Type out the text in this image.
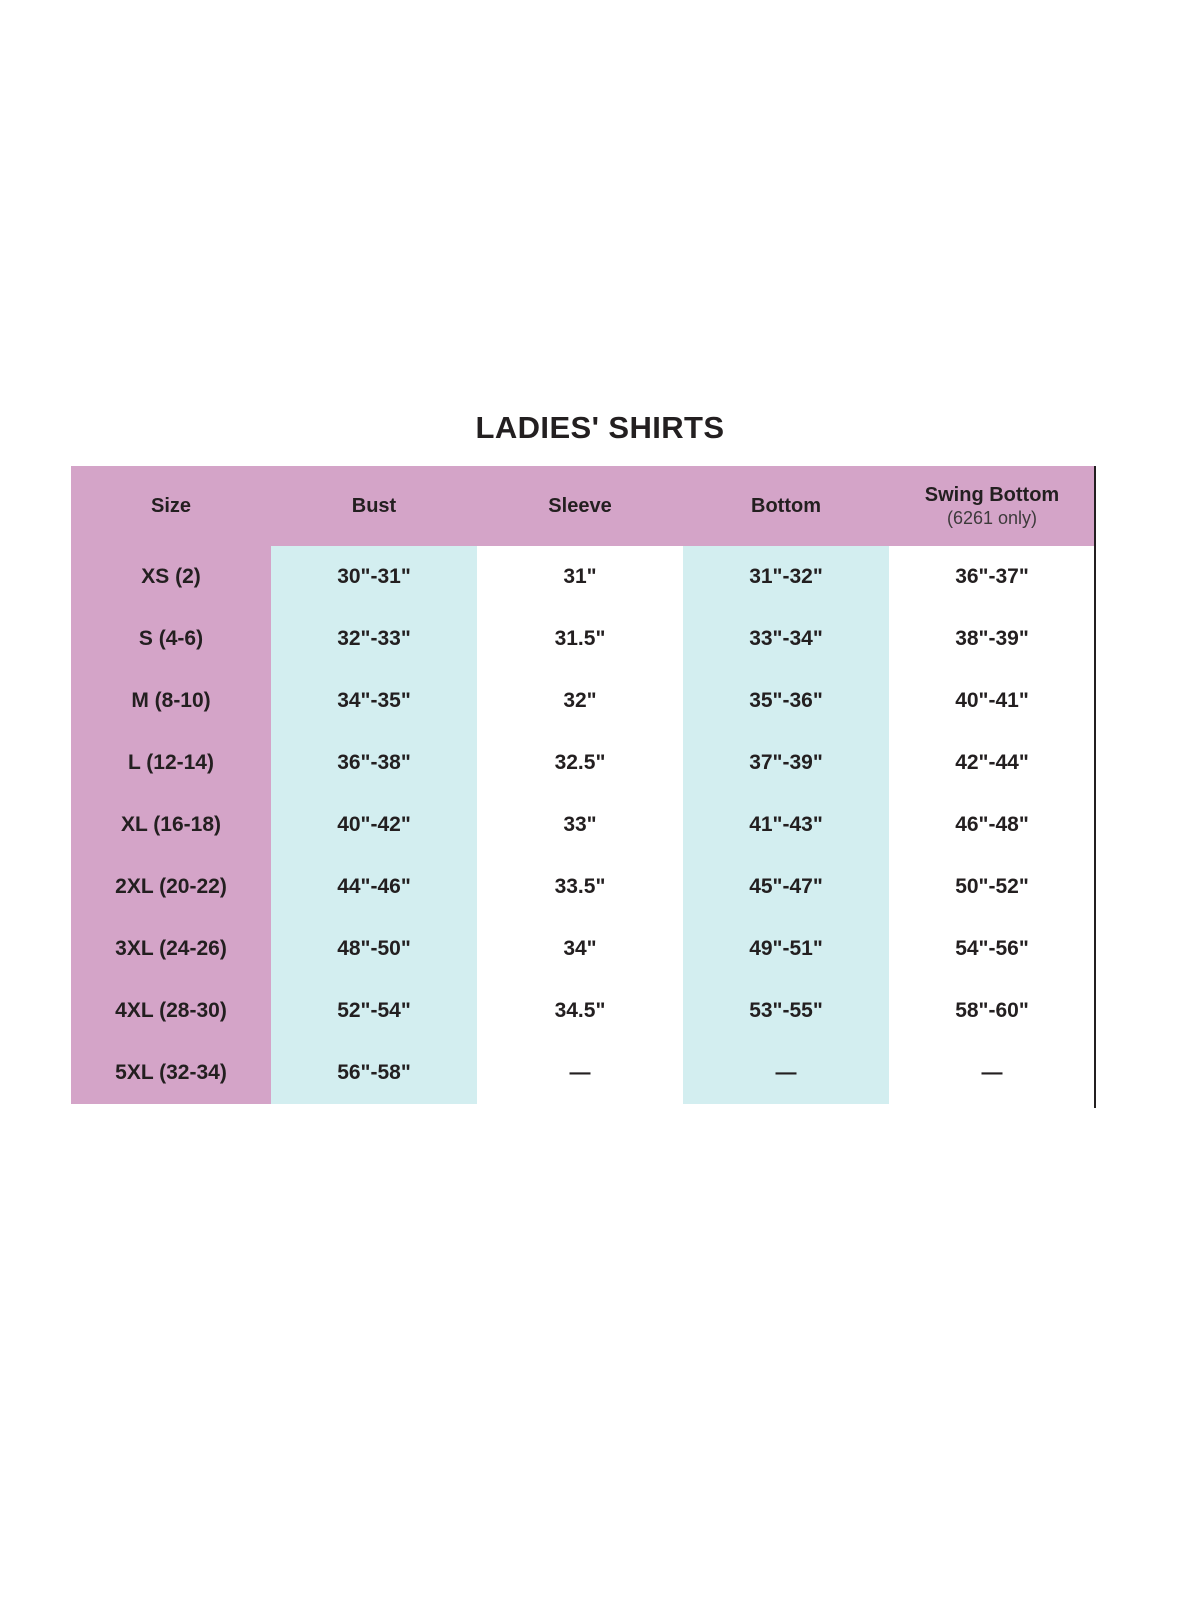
LADIES' SHIRTS
Size	Bust	Sleeve	Bottom	Swing Bottom
(6261 only)

XS (2)	30"-31"	31"	31"-32"	36"-37"
S (4-6)	32"-33"	31.5"	33"-34"	38"-39"
M (8-10)	34"-35"	32"	35"-36"	40"-41"
L (12-14)	36"-38"	32.5"	37"-39"	42"-44"
XL (16-18)	40"-42"	33"	41"-43"	46"-48"
2XL (20-22)	44"-46"	33.5"	45"-47"	50"-52"
3XL (24-26)	48"-50"	34"	49"-51"	54"-56"
4XL (28-30)	52"-54"	34.5"	53"-55"	58"-60"
5XL (32-34)	56"-58"	—	—	—
